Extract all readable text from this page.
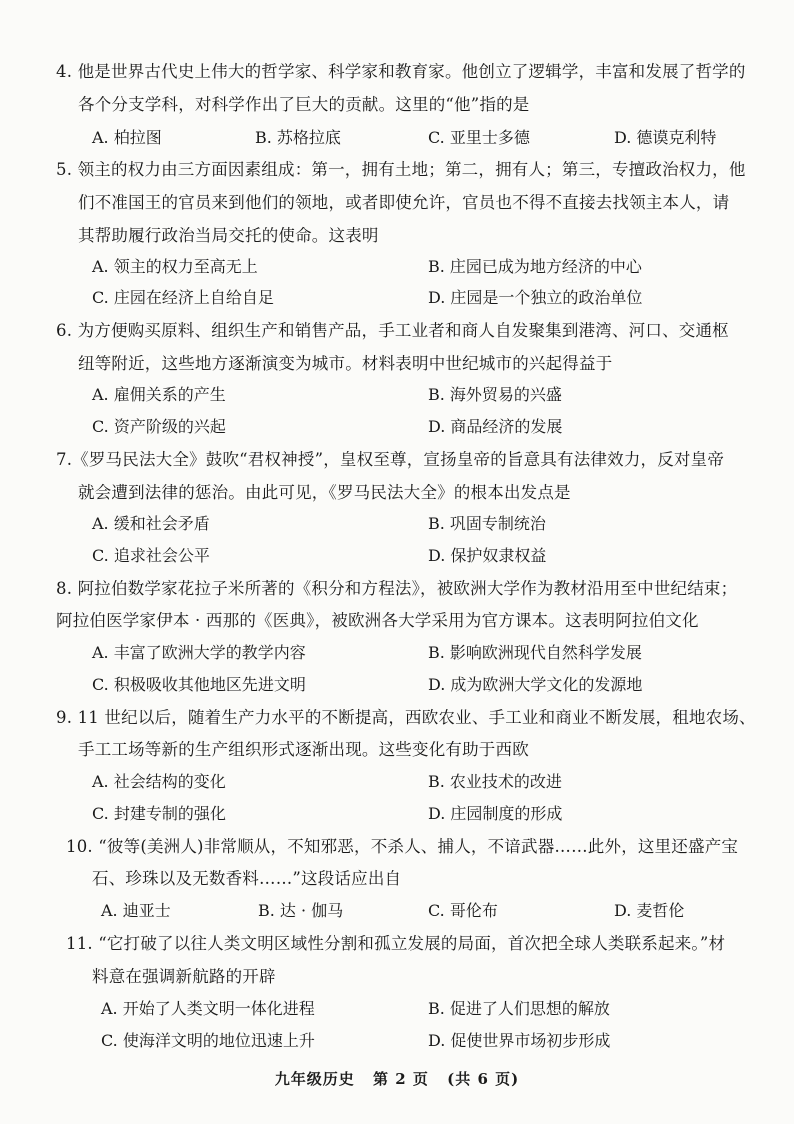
4. 他是世界古代史上伟大的哲学家、科学家和教育家。他创立了逻辑学，丰富和发展了哲学的
各个分支学科，对科学作出了巨大的贡献。这里的“他”指的是
A. 柏拉图	B. 苏格拉底	C. 亚里士多德	D. 德谟克利特
5. 领主的权力由三方面因素组成：第一，拥有土地；第二，拥有人；第三，专擅政治权力，他
们不准国王的官员来到他们的领地，或者即使允许，官员也不得不直接去找领主本人，请
其帮助履行政治当局交托的使命。这表明
A. 领主的权力至高无上	B. 庄园已成为地方经济的中心
C. 庄园在经济上自给自足	D. 庄园是一个独立的政治单位
6. 为方便购买原料、组织生产和销售产品，手工业者和商人自发聚集到港湾、河口、交通枢
纽等附近，这些地方逐渐演变为城市。材料表明中世纪城市的兴起得益于
A. 雇佣关系的产生	B. 海外贸易的兴盛
C. 资产阶级的兴起	D. 商品经济的发展
7.《罗马民法大全》鼓吹“君权神授”，皇权至尊，宣扬皇帝的旨意具有法律效力，反对皇帝
就会遭到法律的惩治。由此可见，《罗马民法大全》的根本出发点是
A. 缓和社会矛盾	B. 巩固专制统治
C. 追求社会公平	D. 保护奴隶权益
8. 阿拉伯数学家花拉子米所著的《积分和方程法》，被欧洲大学作为教材沿用至中世纪结束；
阿拉伯医学家伊本 · 西那的《医典》，被欧洲各大学采用为官方课本。这表明阿拉伯文化
A. 丰富了欧洲大学的教学内容	B. 影响欧洲现代自然科学发展
C. 积极吸收其他地区先进文明	D. 成为欧洲大学文化的发源地
9. 11 世纪以后，随着生产力水平的不断提高，西欧农业、手工业和商业不断发展，租地农场、
手工工场等新的生产组织形式逐渐出现。这些变化有助于西欧
A. 社会结构的变化	B. 农业技术的改进
C. 封建专制的强化	D. 庄园制度的形成
10. “彼等(美洲人)非常顺从，不知邪恶，不杀人、捕人，不谙武器……此外，这里还盛产宝
石、珍珠以及无数香料……”这段话应出自
A. 迪亚士	B. 达 · 伽马	C. 哥伦布	D. 麦哲伦
11. “它打破了以往人类文明区域性分割和孤立发展的局面，首次把全球人类联系起来。”材
料意在强调新航路的开辟
A. 开始了人类文明一体化进程	B. 促进了人们思想的解放
C. 使海洋文明的地位迅速上升	D. 促使世界市场初步形成
九年级历史 第 2 页 (共 6 页)
